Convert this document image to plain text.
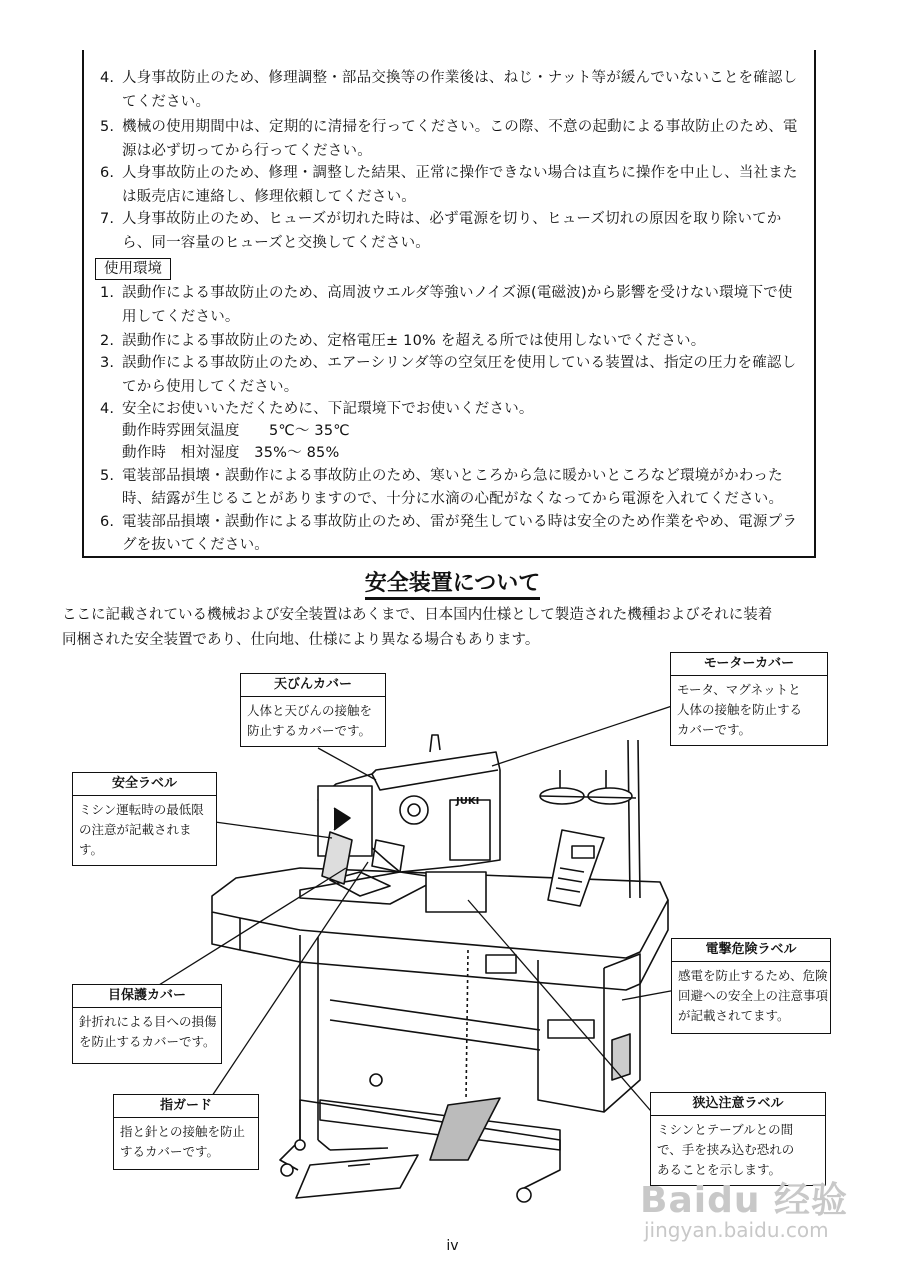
4. 人身事故防止のため、修理調整・部品交換等の作業後は、ねじ・ナット等が緩んでいないことを確認し
てください。
5. 機械の使用期間中は、定期的に清掃を行ってください。この際、不意の起動による事故防止のため、電
源は必ず切ってから行ってください。
6. 人身事故防止のため、修理・調整した結果、正常に操作できない場合は直ちに操作を中止し、当社また
は販売店に連絡し、修理依頼してください。
7. 人身事故防止のため、ヒューズが切れた時は、必ず電源を切り、ヒューズ切れの原因を取り除いてか
ら、同一容量のヒューズと交換してください。
使用環境
1. 誤動作による事故防止のため、高周波ウエルダ等強いノイズ源(電磁波)から影響を受けない環境下で使
用してください。
2. 誤動作による事故防止のため、定格電圧± 10% を超える所では使用しないでください。
3. 誤動作による事故防止のため、エアーシリンダ等の空気圧を使用している装置は、指定の圧力を確認し
てから使用してください。
4. 安全にお使いいただくために、下記環境下でお使いください。
動作時雰囲気温度　　5℃～ 35℃
動作時　相対湿度　35%～ 85%
5. 電装部品損壊・誤動作による事故防止のため、寒いところから急に暖かいところなど環境がかわった
時、結露が生じることがありますので、十分に水滴の心配がなくなってから電源を入れてください。
6. 電装部品損壊・誤動作による事故防止のため、雷が発生している時は安全のため作業をやめ、電源プラ
グを抜いてください。
安全装置について
ここに記載されている機械および安全装置はあくまで、日本国内仕様として製造された機種およびそれに装着
同梱された安全装置であり、仕向地、仕様により異なる場合もあります。
JUKI
天びんカバー
人体と天びんの接触を
防止するカバーです。
モーターカバー
モータ、マグネットと
人体の接触を防止する
カバーです。
安全ラベル
ミシン運転時の最低限
の注意が記載されま
す。
電撃危険ラベル
感電を防止するため、危険
回避への安全上の注意事項
が記載されてます。
目保護カバー
針折れによる目への損傷
を防止するカバーです。
指ガード
指と針との接触を防止
するカバーです。
狭込注意ラベル
ミシンとテーブルとの間
で、手を挟み込む恐れの
あることを示します。
Baidu 经验
jingyan.baidu.com
iv
